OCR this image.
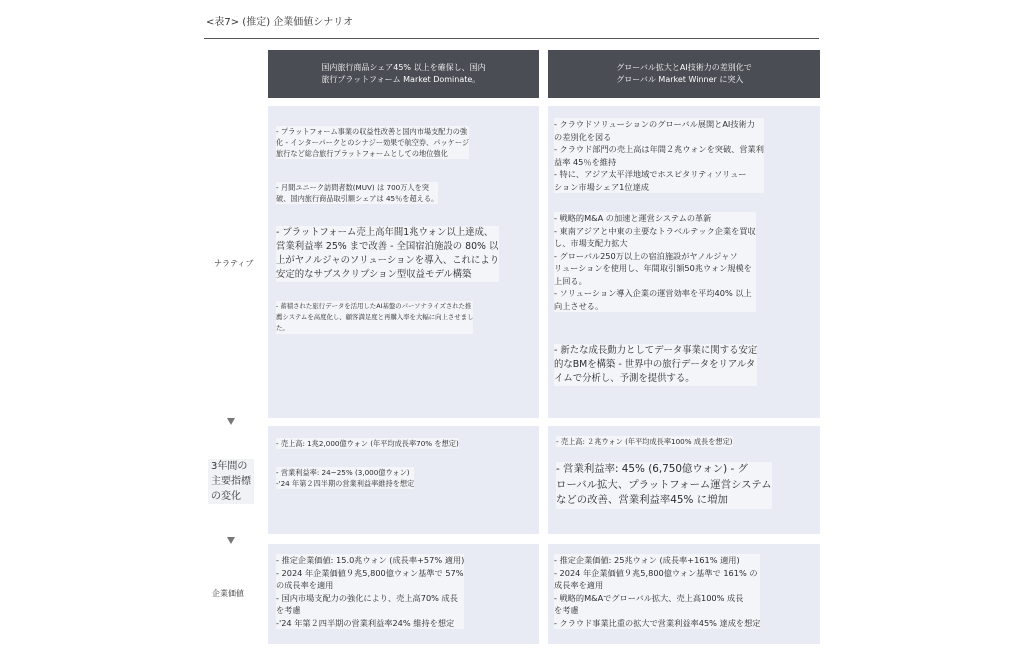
<表7> (推定) 企業価値シナリオ
国内旅行商品シェア45% 以上を確保し、国内
旅行プラットフォーム Market Dominate。
グローバル拡大とAI技術力の差別化で
グローバル Market Winner に突入
ナラティブ
3年間の
主要指標
の変化
企業価値
- プラットフォーム事業の収益性改善と国内市場支配力の強
化 - インターパークとのシナジー効果で航空券、パッケージ
旅行など総合旅行プラットフォームとしての地位強化
- 月間ユニーク訪問者数(MUV) は 700万人を突
破、国内旅行商品取引額シェアは 45％を超える。
- プラットフォーム売上高年間1兆ウォン以上達成、
営業利益率 25% まで改善 - 全国宿泊施設の 80% 以
上がヤノルジャのソリューションを導入、これにより
安定的なサブスクリプション型収益モデル構築
- 蓄積された旅行データを活用したAI基盤のパーソナライズされた推
薦システムを高度化し、顧客満足度と再購入率を大幅に向上させまし
た。
- クラウドソリューションのグローバル展開とAI技術力
の差別化を図る
- クラウド部門の売上高は年間２兆ウォンを突破、営業利
益率 45％を維持
- 特に、アジア太平洋地域でホスピタリティソリュー
ション市場シェア1位達成
- 戦略的M&A の加速と運営システムの革新
- 東南アジアと中東の主要なトラベルテック企業を買収
し、市場支配力拡大
- グローバル250万以上の宿泊施設がヤノルジャソ
リューションを使用し、年間取引額50兆ウォン規模を
上回る。
- ソリューション導入企業の運営効率を平均40% 以上
向上させる。
- 新たな成長動力としてデータ事業に関する安定
的なBMを構築 - 世界中の旅行データをリアルタ
イムで分析し、予測を提供する。
- 売上高: 1兆2,000億ウォン (年平均成長率70% を想定)
- 営業利益率: 24~25% (3,000億ウォン)
-'24 年第２四半期の営業利益率維持を想定
- 売上高: ２兆ウォン (年平均成長率100% 成長を想定)
- 営業利益率: 45% (6,750億ウォン) - グ
ローバル拡大、プラットフォーム運営システム
などの改善、営業利益率45% に増加
- 推定企業価値: 15.0兆ウォン (成長率+57% 適用)
- 2024 年企業価値９兆5,800億ウォン基準で 57%
の成長率を適用
- 国内市場支配力の強化により、売上高70% 成長
を考慮
-'24 年第２四半期の営業利益率24% 維持を想定
- 推定企業価値: 25兆ウォン (成長率+161% 適用)
- 2024 年企業価値９兆5,800億ウォン基準で 161% の
成長率を適用
- 戦略的M&Aでグローバル拡大、売上高100% 成長
を考慮
- クラウド事業比重の拡大で営業利益率45% 達成を想定
